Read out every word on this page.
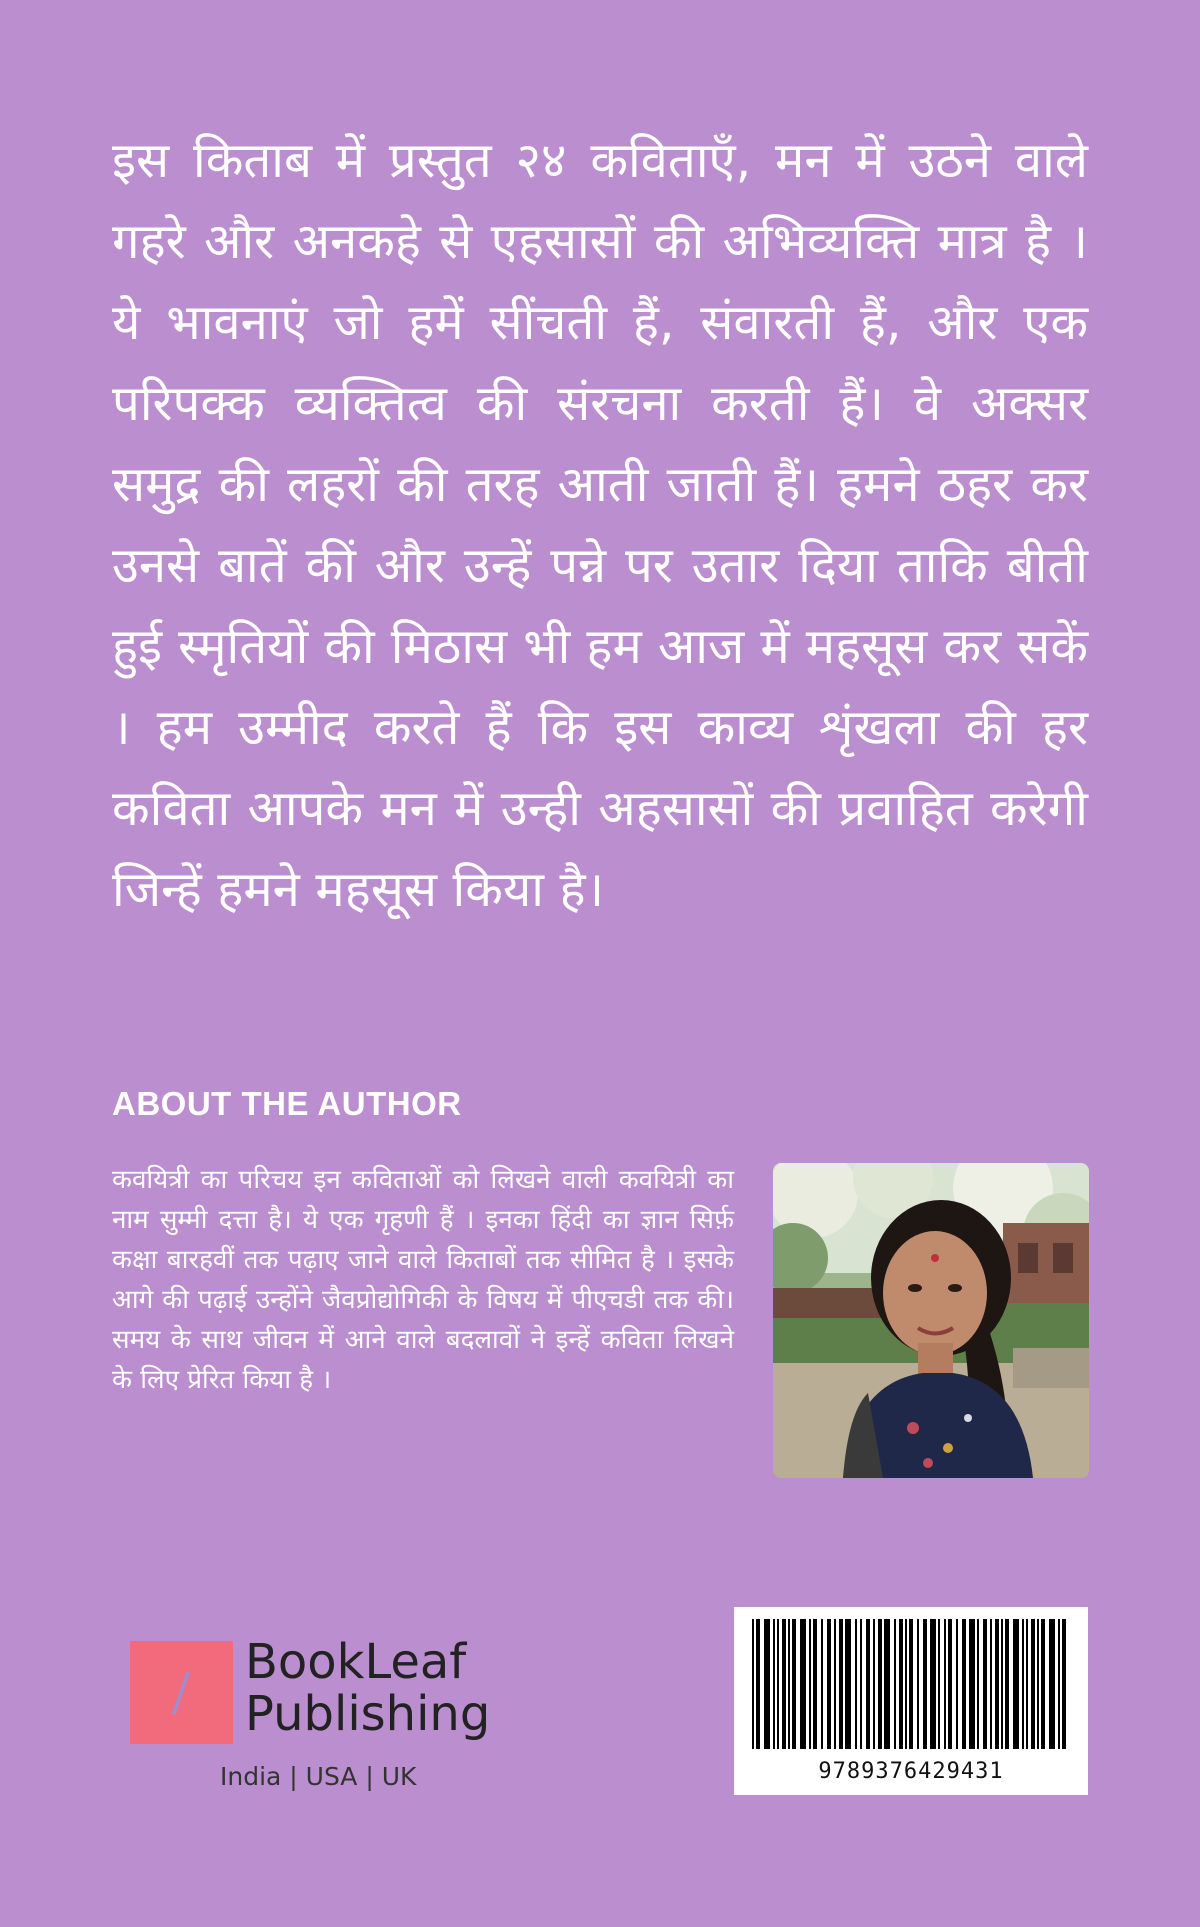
इस किताब में प्रस्तुत २४ कविताएँ, मन में उठने वाले गहरे और अनकहे से एहसासों की अभिव्यक्ति मात्र है ।ये भावनाएं जो हमें सींचती हैं, संवारती हैं, और एक परिपक्क व्यक्तित्व की संरचना करती हैं। वे अक्सर समुद्र की लहरों की तरह आती जाती हैं। हमने ठहर कर उनसे बातें कीं और उन्हें पन्ने पर उतार दिया ताकि बीती हुई स्मृतियों की मिठास भी हम आज में महसूस कर सकें । हम उम्मीद करते हैं कि इस काव्य शृंखला की हर कविता आपके मन में उन्ही अहसासों की प्रवाहित करेगी जिन्हें हमने महसूस किया है।

ABOUT THE AUTHOR

कवयित्री का परिचय इन कविताओं को लिखने वाली कवयित्री का नाम सुम्मी दत्ता है। ये एक गृहणी हैं । इनका हिंदी का ज्ञान सिर्फ़ कक्षा बारहवीं तक पढ़ाए जाने वाले किताबों तक सीमित है । इसके आगे की पढ़ाई उन्होंने जैवप्रोद्योगिकी के विषय में पीएचडी तक की। समय के साथ जीवन में आने वाले बदलावों ने इन्हें कविता लिखने के लिए प्रेरित किया है ।

BookLeaf
Publishing
India | USA | UK	9789376429431
